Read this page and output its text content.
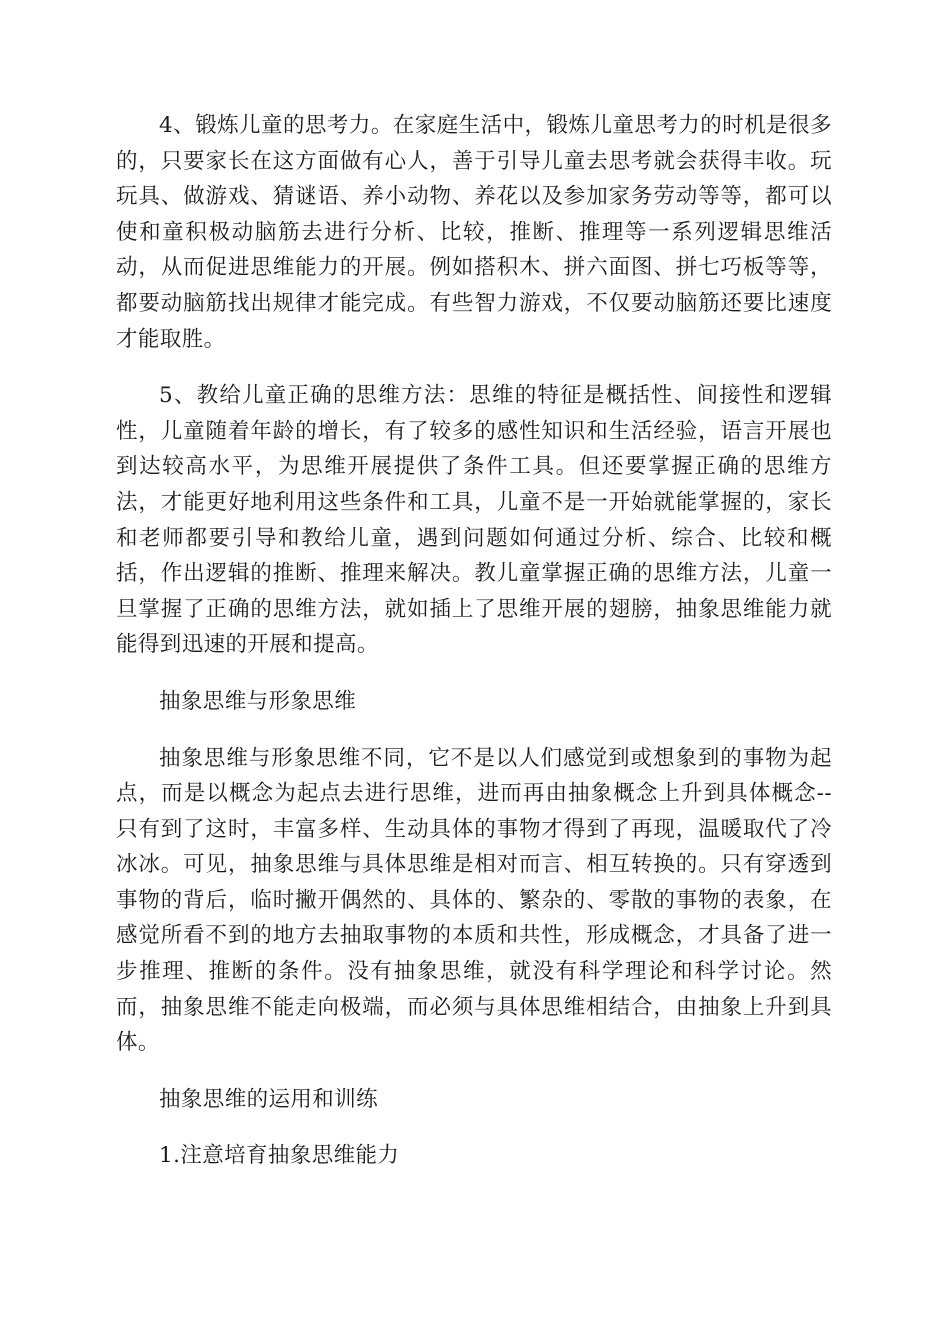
4、锻炼儿童的思考力。在家庭生活中，锻炼儿童思考力的时机是很多的，只要家长在这方面做有心人，善于引导儿童去思考就会获得丰收。玩玩具、做游戏、猜谜语、养小动物、养花以及参加家务劳动等等，都可以使和童积极动脑筋去进行分析、比较，推断、推理等一系列逻辑思维活动，从而促进思维能力的开展。例如搭积木、拼六面图、拼七巧板等等，都要动脑筋找出规律才能完成。有些智力游戏，不仅要动脑筋还要比速度才能取胜。

5、教给儿童正确的思维方法：思维的特征是概括性、间接性和逻辑性，儿童随着年龄的增长，有了较多的感性知识和生活经验，语言开展也到达较高水平，为思维开展提供了条件工具。但还要掌握正确的思维方法，才能更好地利用这些条件和工具，儿童不是一开始就能掌握的，家长和老师都要引导和教给儿童，遇到问题如何通过分析、综合、比较和概括，作出逻辑的推断、推理来解决。教儿童掌握正确的思维方法，儿童一旦掌握了正确的思维方法，就如插上了思维开展的翅膀，抽象思维能力就能得到迅速的开展和提高。

抽象思维与形象思维

抽象思维与形象思维不同，它不是以人们感觉到或想象到的事物为起点，而是以概念为起点去进行思维，进而再由抽象概念上升到具体概念--只有到了这时，丰富多样、生动具体的事物才得到了再现，温暖取代了冷冰冰。可见，抽象思维与具体思维是相对而言、相互转换的。只有穿透到事物的背后，临时撇开偶然的、具体的、繁杂的、零散的事物的表象，在感觉所看不到的地方去抽取事物的本质和共性，形成概念，才具备了进一步推理、推断的条件。没有抽象思维，就没有科学理论和科学讨论。然而，抽象思维不能走向极端，而必须与具体思维相结合，由抽象上升到具体。

抽象思维的运用和训练

1.注意培育抽象思维能力
